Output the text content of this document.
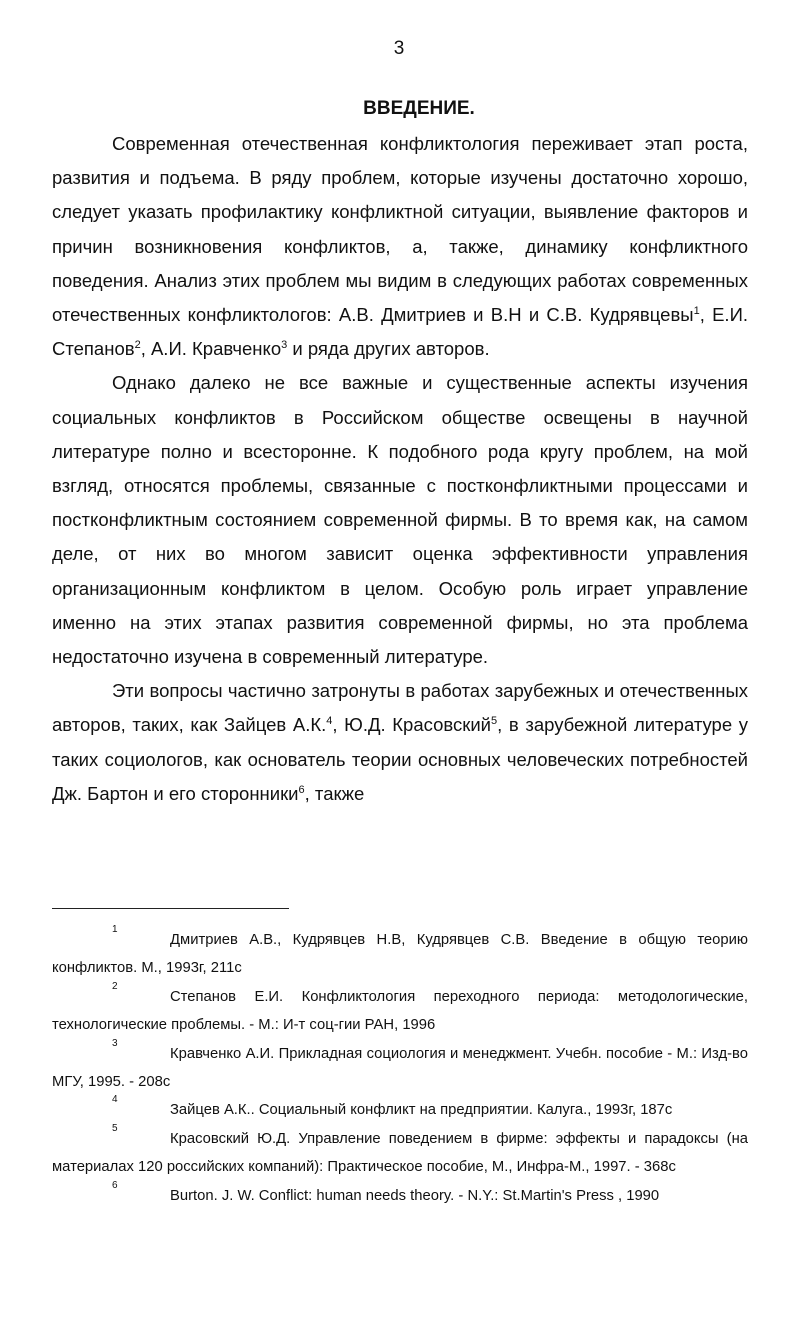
3
ВВЕДЕНИЕ.

Современная отечественная конфликтология переживает этап роста, развития и подъема. В ряду проблем, которые изучены достаточно хорошо, следует указать профилактику конфликтной ситуации, выявление факторов и причин возникновения конфликтов, а, также, динамику конфликтного поведения. Анализ этих проблем мы видим в следующих работах современных отечественных конфликтологов: А.В. Дмитриев и В.Н и С.В. Кудрявцевы$^1$, Е.И. Степанов$^2$, А.И. Кравченко$^3$ и ряда других авторов.

Однако далеко не все важные и существенные аспекты изучения социальных конфликтов в Российском обществе освещены в научной литературе полно и всесторонне. К подобного рода кругу проблем, на мой взгляд, относятся проблемы, связанные с постконфликтными процессами и постконфликтным состоянием современной фирмы. В то время как, на самом деле, от них во многом зависит оценка эффективности управления организационным конфликтом в целом. Особую роль играет управление именно на этих этапах развития современной фирмы, но эта проблема недостаточно изучена в современный литературе.

Эти вопросы частично затронуты в работах зарубежных и отечественных авторов, таких, как Зайцев А.К.$^4$, Ю.Д. Красовский$^5$, в зарубежной литературе у таких социологов, как основатель теории основных человеческих потребностей Дж. Бартон и его сторонники$^6$, также

1
Дмитриев А.В., Кудрявцев Н.В, Кудрявцев С.В. Введение в общую теорию конфликтов. М., 1993г, 211с
2
Степанов Е.И. Конфликтология переходного периода: методологические, технологические проблемы. - М.: И-т соц-гии РАН, 1996
3
Кравченко А.И. Прикладная социология и менеджмент. Учебн. пособие - М.: Изд-во МГУ, 1995. - 208с
4
Зайцев А.К.. Социальный конфликт на предприятии. Калуга., 1993г, 187с
5
Красовский Ю.Д. Управление поведением в фирме: эффекты и парадоксы (на материалах 120 российских компаний): Практическое пособие, М., Инфра-М., 1997. - 368с
6
Burton. J. W. Conflict: human needs theory. - N.Y.: St.Martin's Press , 1990
